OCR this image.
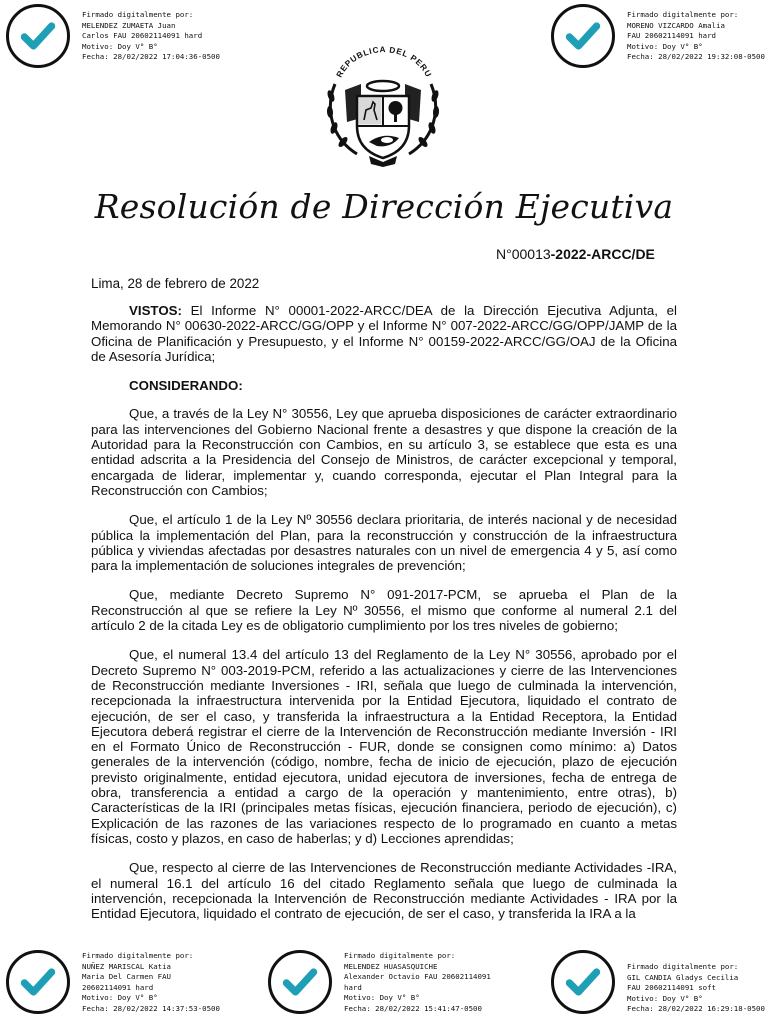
Firmado digitalmente por:
MELENDEZ ZUMAETA Juan
Carlos FAU 20602114091 hard
Motivo: Doy V° B°
Fecha: 28/02/2022 17:04:36-0500
Firmado digitalmente por:
MORENO VIZCARDO Amalia
FAU 20602114091 hard
Motivo: Doy V° B°
Fecha: 28/02/2022 19:32:08-0500
Firmado digitalmente por:
NUÑEZ MARISCAL Katia
Maria Del Carmen FAU
20602114091 hard
Motivo: Doy V° B°
Fecha: 28/02/2022 14:37:53-0500
Firmado digitalmente por:
MELENDEZ HUASASQUICHE
Alexander Octavio FAU 20602114091
hard
Motivo: Doy V° B°
Fecha: 28/02/2022 15:41:47-0500
Firmado digitalmente por:
GIL CANDIA Gladys Cecilia
FAU 20602114091 soft
Motivo: Doy V° B°
Fecha: 28/02/2022 16:29:18-0500
REPUBLICA DEL PERU
Resolución de Dirección Ejecutiva
N°00013-2022-ARCC/DE
Lima, 28 de febrero de 2022

VISTOS: El Informe N° 00001-2022-ARCC/DEA de la Dirección Ejecutiva Adjunta, el Memorando N° 00630-2022-ARCC/GG/OPP y el Informe N° 007-2022-ARCC/GG/OPP/JAMP de la Oficina de Planificación y Presupuesto, y el Informe N° 00159-2022-ARCC/GG/OAJ de la Oficina de Asesoría Jurídica;

CONSIDERANDO:

Que, a través de la Ley N° 30556, Ley que aprueba disposiciones de carácter extraordinario para las intervenciones del Gobierno Nacional frente a desastres y que dispone la creación de la Autoridad para la Reconstrucción con Cambios, en su artículo 3, se establece que esta es una entidad adscrita a la Presidencia del Consejo de Ministros, de carácter excepcional y temporal, encargada de liderar, implementar y, cuando corresponda, ejecutar el Plan Integral para la Reconstrucción con Cambios;

Que, el artículo 1 de la Ley Nº 30556 declara prioritaria, de interés nacional y de necesidad pública la implementación del Plan, para la reconstrucción y construcción de la infraestructura pública y viviendas afectadas por desastres naturales con un nivel de emergencia 4 y 5, así como para la implementación de soluciones integrales de prevención;

Que, mediante Decreto Supremo N° 091-2017-PCM, se aprueba el Plan de la Reconstrucción al que se refiere la Ley Nº 30556, el mismo que conforme al numeral 2.1 del artículo 2 de la citada Ley es de obligatorio cumplimiento por los tres niveles de gobierno;

Que, el numeral 13.4 del artículo 13 del Reglamento de la Ley N° 30556, aprobado por el Decreto Supremo N° 003-2019-PCM, referido a las actualizaciones y cierre de las Intervenciones de Reconstrucción mediante Inversiones - IRI, señala que luego de culminada la intervención, recepcionada la infraestructura intervenida por la Entidad Ejecutora, liquidado el contrato de ejecución, de ser el caso, y transferida la infraestructura a la Entidad Receptora, la Entidad Ejecutora deberá registrar el cierre de la Intervención de Reconstrucción mediante Inversión - IRI en el Formato Único de Reconstrucción - FUR, donde se consignen como mínimo: a) Datos generales de la intervención (código, nombre, fecha de inicio de ejecución, plazo de ejecución previsto originalmente, entidad ejecutora, unidad ejecutora de inversiones, fecha de entrega de obra, transferencia a entidad a cargo de la operación y mantenimiento, entre otras), b) Características de la IRI (principales metas físicas, ejecución financiera, periodo de ejecución), c) Explicación de las razones de las variaciones respecto de lo programado en cuanto a metas físicas, costo y plazos, en caso de haberlas; y d) Lecciones aprendidas;

Que, respecto al cierre de las Intervenciones de Reconstrucción mediante Actividades -IRA, el numeral 16.1 del artículo 16 del citado Reglamento señala que luego de culminada la intervención, recepcionada la Intervención de Reconstrucción mediante Actividades - IRA por la Entidad Ejecutora, liquidado el contrato de ejecución, de ser el caso, y transferida la IRA a la
